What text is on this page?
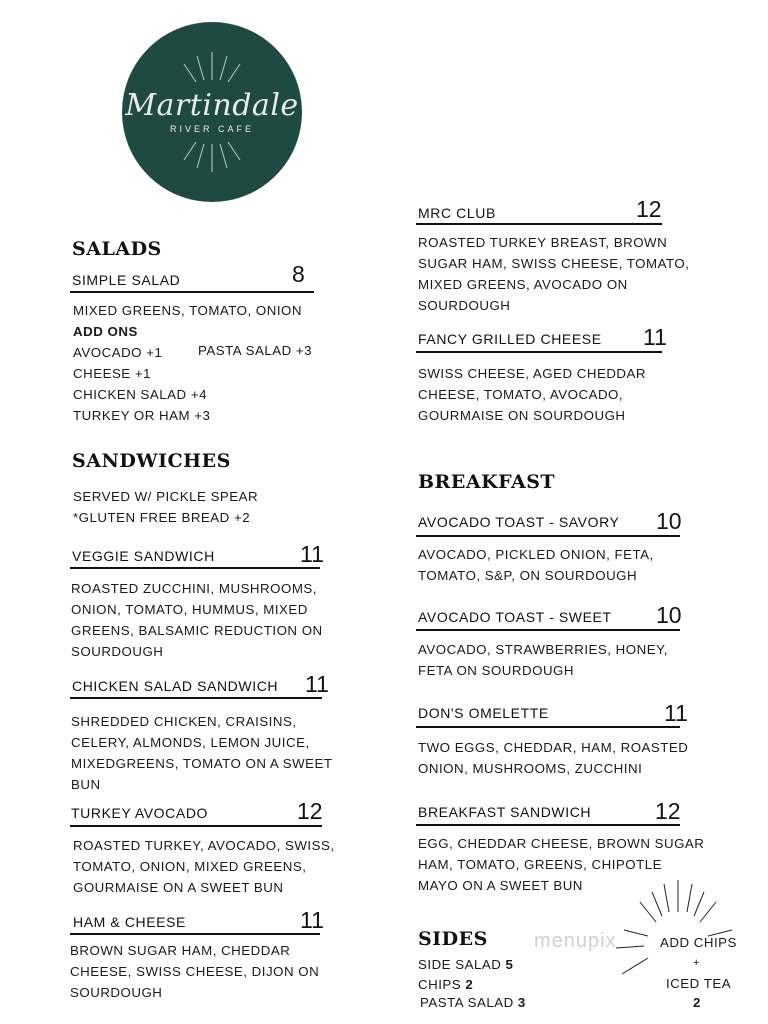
Martindale
RIVER CAFE
SALADS
SIMPLE SALAD	8
MIXED GREENS, TOMATO, ONION
ADD ONS
AVOCADO +1	PASTA SALAD +3
CHEESE +1
CHICKEN SALAD +4
TURKEY OR HAM +3
SANDWICHES
SERVED W/ PICKLE SPEAR
*GLUTEN FREE BREAD +2
VEGGIE SANDWICH	11
ROASTED ZUCCHINI, MUSHROOMS,
ONION, TOMATO, HUMMUS, MIXED
GREENS, BALSAMIC REDUCTION ON
SOURDOUGH
CHICKEN SALAD SANDWICH 11
SHREDDED CHICKEN, CRAISINS,
CELERY, ALMONDS, LEMON JUICE,
MIXEDGREENS, TOMATO ON A SWEET
BUN
TURKEY AVOCADO	12
ROASTED TURKEY, AVOCADO, SWISS,
TOMATO, ONION, MIXED GREENS,
GOURMAISE ON A SWEET BUN
HAM & CHEESE	11
BROWN SUGAR HAM, CHEDDAR
CHEESE, SWISS CHEESE, DIJON ON
SOURDOUGH
MRC CLUB	12
ROASTED TURKEY BREAST, BROWN
SUGAR HAM, SWISS CHEESE, TOMATO,
MIXED GREENS, AVOCADO ON
SOURDOUGH
FANCY GRILLED CHEESE 11
SWISS CHEESE, AGED CHEDDAR
CHEESE, TOMATO, AVOCADO,
GOURMAISE ON SOURDOUGH
BREAKFAST
AVOCADO TOAST - SAVORY 10
AVOCADO, PICKLED ONION, FETA,
TOMATO, S&P, ON SOURDOUGH
AVOCADO TOAST - SWEET 10
AVOCADO, STRAWBERRIES, HONEY,
FETA ON SOURDOUGH
DON'S OMELETTE	11
TWO EGGS, CHEDDAR, HAM, ROASTED
ONION, MUSHROOMS, ZUCCHINI
BREAKFAST SANDWICH	12
EGG, CHEDDAR CHEESE, BROWN SUGAR
HAM, TOMATO, GREENS, CHIPOTLE
MAYO ON A SWEET BUN
SIDES
SIDE SALAD 5
CHIPS 2
PASTA SALAD 3
menupix	ADD CHIPS
+
ICED TEA
2
